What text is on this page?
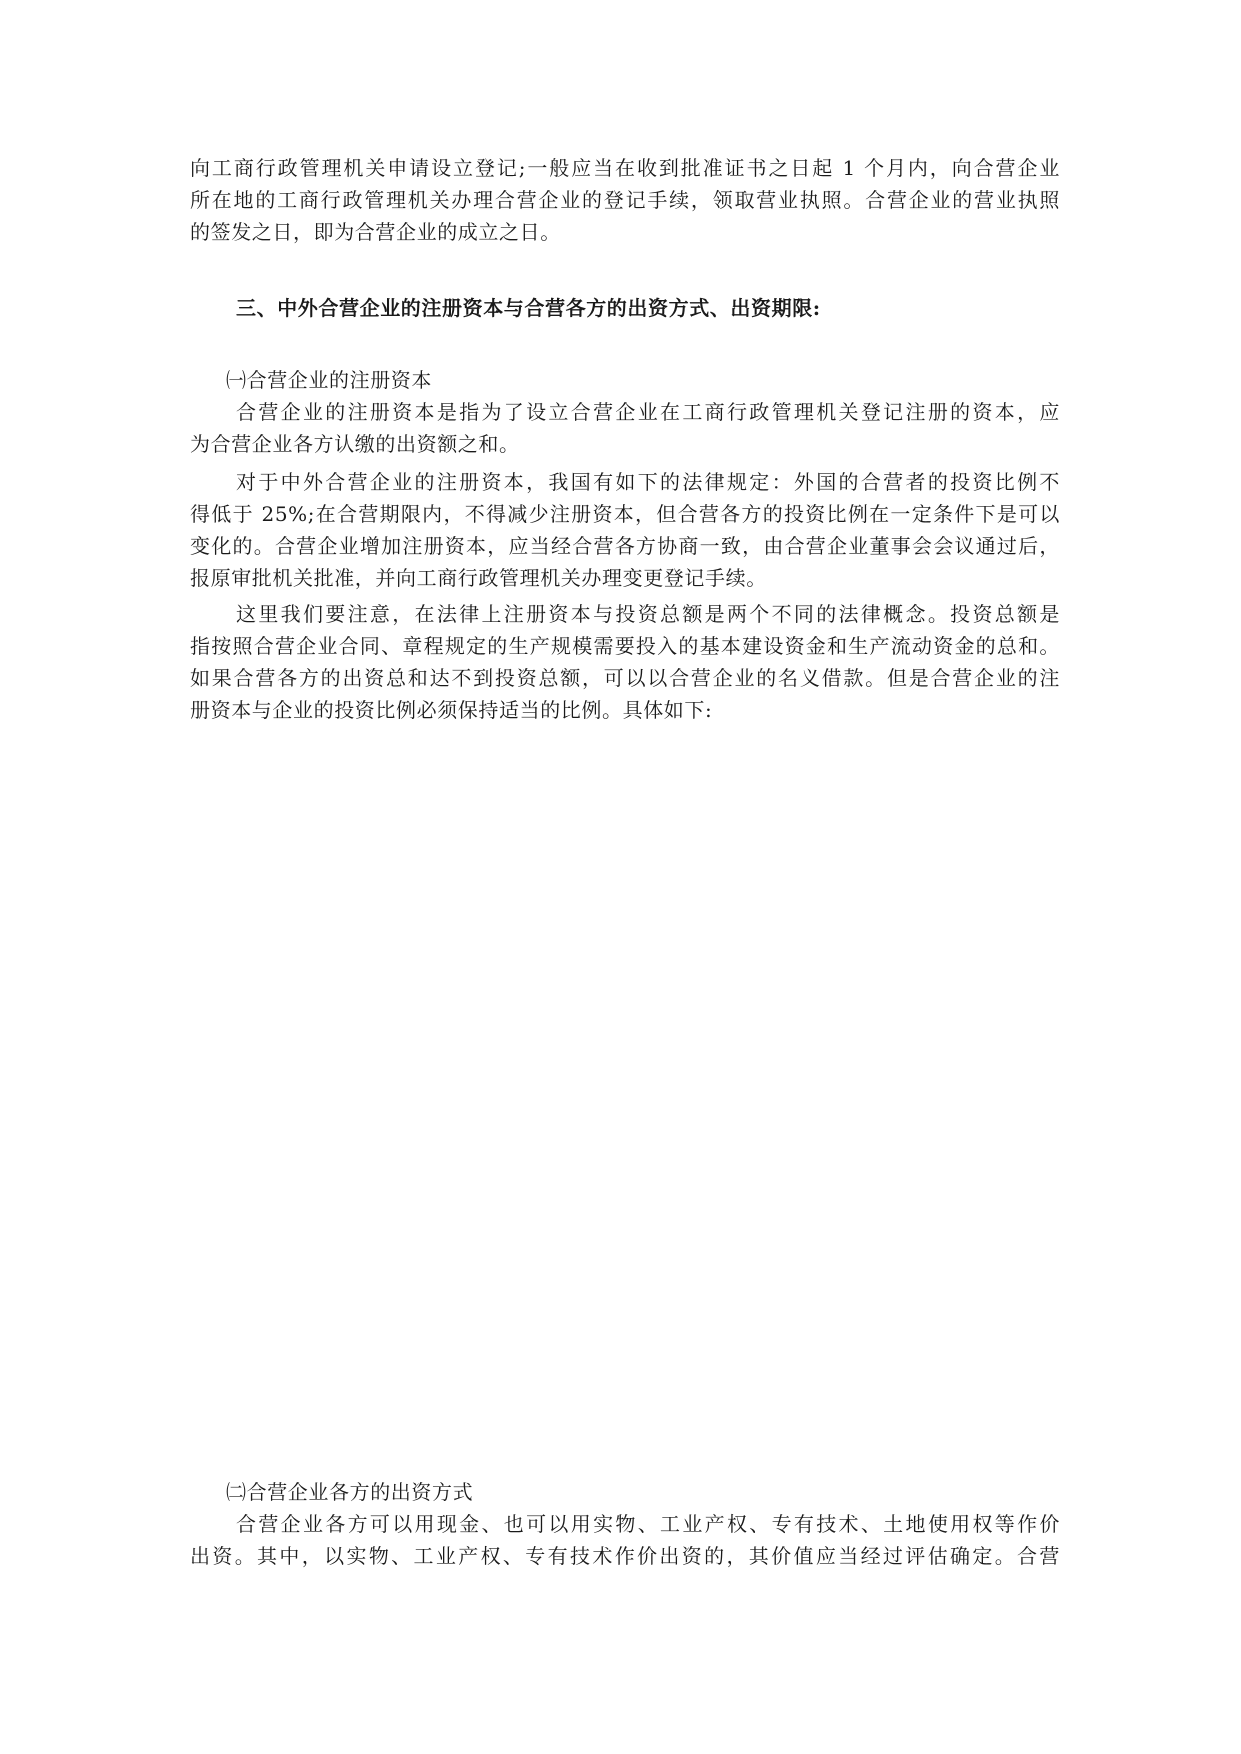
向工商行政管理机关申请设立登记;一般应当在收到批准证书之日起 1 个月内，向合营企业
所在地的工商行政管理机关办理合营企业的登记手续，领取营业执照。合营企业的营业执照
的签发之日，即为合营企业的成立之日。
三、中外合营企业的注册资本与合营各方的出资方式、出资期限:
㈠合营企业的注册资本
合营企业的注册资本是指为了设立合营企业在工商行政管理机关登记注册的资本，应
为合营企业各方认缴的出资额之和。
对于中外合营企业的注册资本，我国有如下的法律规定：外国的合营者的投资比例不
得低于 25%;在合营期限内，不得减少注册资本，但合营各方的投资比例在一定条件下是可以
变化的。合营企业增加注册资本，应当经合营各方协商一致，由合营企业董事会会议通过后，
报原审批机关批准，并向工商行政管理机关办理变更登记手续。
这里我们要注意，在法律上注册资本与投资总额是两个不同的法律概念。投资总额是
指按照合营企业合同、章程规定的生产规模需要投入的基本建设资金和生产流动资金的总和。
如果合营各方的出资总和达不到投资总额，可以以合营企业的名义借款。但是合营企业的注
册资本与企业的投资比例必须保持适当的比例。具体如下:
㈡合营企业各方的出资方式
合营企业各方可以用现金、也可以用实物、工业产权、专有技术、土地使用权等作价
出资。其中，以实物、工业产权、专有技术作价出资的，其价值应当经过评估确定。合营
